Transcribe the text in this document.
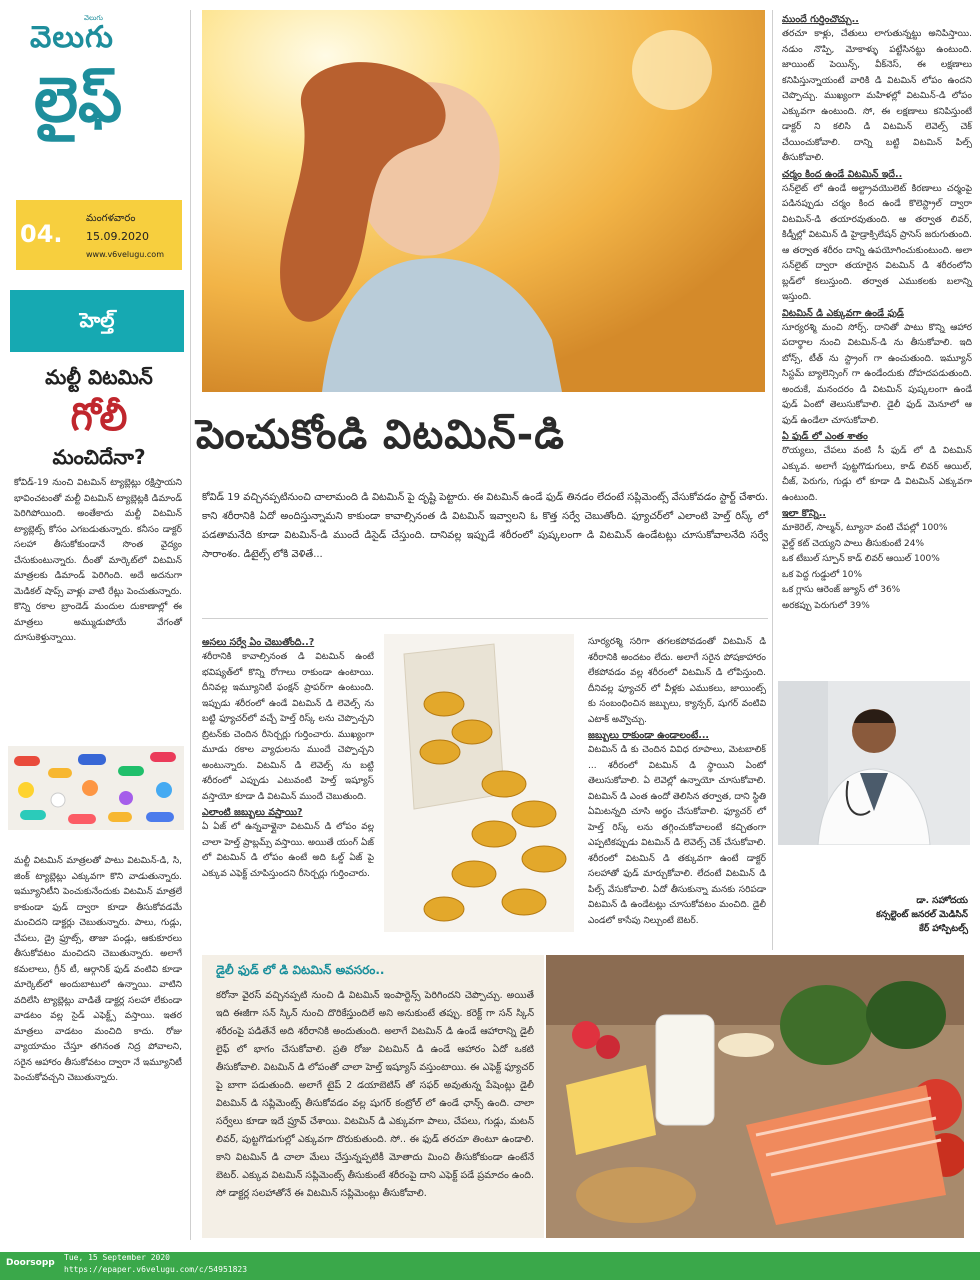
వెలుగు
వెలుగు
లైఫ్
04.
మంగళవారం
15.09.2020
www.v6velugu.com
హెల్త్
మల్టీ విటమిన్
గోలీ
మంచిదేనా?

కోవిడ్-19 నుంచి విటమిన్ ట్యాబ్లెట్లు రక్షిస్తాయని భావించటంతో మల్టీ విటమిన్ ట్యాబ్లెట్లకి డిమాండ్ పెరిగిపోయింది. అంతేకాదు మల్టీ విటమిన్ ట్యాబ్లెట్స్ కోసం ఎగబడుతున్నారు. కనీసం డాక్టర్ సలహా తీసుకోకుండానే సొంత వైద్యం చేసుకుంటున్నారు. దీంతో మార్కెట్‌లో విటమిన్ మాత్రలకు డిమాండ్ పెరిగింది. అదే అదనుగా మెడికల్ షాప్స్ వాళ్లు వాటి రేట్లు పెంచుతున్నారు. కొన్ని రకాల బ్రాండెడ్ మందుల దుకాణాల్లో ఈ మాత్రలు అమ్ముడుపోయే వేగంతో దూసుకెళ్తున్నాయి.

మల్టీ విటమిన్ మాత్రలతో పాటు విటమిన్-డి, సి, జింక్ ట్యాబ్లెట్లు ఎక్కువగా కొని వాడుతున్నారు. ఇమ్యూనిటీని పెంచుకునేందుకు విటమిన్ మాత్రలే కాకుండా ఫుడ్ ద్వారా కూడా తీసుకోవడమే మంచిదని డాక్టర్లు చెబుతున్నారు. పాలు, గుడ్లు, చేపలు, డ్రై ఫ్రూట్స్, తాజా పండ్లు, ఆకుకూరలు తీసుకోవటం మంచిదని చెబుతున్నారు. అలాగే కమలాలు, గ్రీన్ టీ, ఆర్గానిక్ ఫుడ్ వంటివి కూడా మార్కెట్‌లో అందుబాటులో ఉన్నాయి. వాటిని వదిలేసి ట్యాబ్లెట్లు వాడితే డాక్టర్ల సలహా లేకుండా వాడటం వల్ల సైడ్ ఎఫెక్ట్స్ వస్తాయి. ఇతర మాత్రలు వాడటం మంచిది కాదు. రోజు వ్యాయామం చేస్తూ తగినంత నిద్ర పోవాలని, సరైన ఆహారం తీసుకోవటం ద్వారా నే ఇమ్యూనిటీ పెంచుకోవచ్చని చెబుతున్నారు.

పెంచుకోండి విటమిన్-డి

కోవిడ్ 19 వచ్చినప్పటినుంచి చాలామంది డి విటమిన్ పై దృష్టి పెట్టారు. ఈ విటమిన్ ఉండే ఫుడ్ తినడం లేదంటే సప్లిమెంట్స్ వేసుకోవడం స్టార్ట్ చేశారు. కాని శరీరానికి ఏదో అందిస్తున్నామని కాకుండా కావాల్సినంత డి విటమిన్ ఇవ్వాలని ఓ కొత్త సర్వే చెబుతోంది. ఫ్యూచర్‌లో ఎలాంటి హెల్త్ రిస్క్ లో పడతామనేది కూడా విటమిన్-డి ముందే డిసైడ్ చేస్తుంది. దానివల్ల ఇప్పుడే శరీరంలో పుష్కలంగా డి విటమిన్ ఉండేటట్లు చూసుకోవాలనేది సర్వే సారాంశం. డిటైల్స్ లోకి వెళితే...

అసలు సర్వే ఏం చెబుతోంది..?

శరీరానికి కావాల్సినంత డి విటమిన్ ఉంటే భవిష్యత్‌లో కొన్ని రోగాలు రాకుండా ఉంటాయి. దీనివల్ల ఇమ్యూనిటీ ఫంక్షన్ ప్రాపర్‌గా ఉంటుంది. ఇప్పుడు శరీరంలో ఉండే విటమిన్ డి లెవెల్స్ ను బట్టి ఫ్యూచర్‌లో వచ్చే హెల్త్ రిస్క్ లను చెప్పొచ్చని బ్రిటన్‌కు చెందిన రీసెర్చర్లు గుర్తించారు. ముఖ్యంగా మూడు రకాల వ్యాధులను ముందే చెప్పొచ్చని అంటున్నారు. విటమిన్ డి లెవెల్స్ ను బట్టి శరీరంలో ఎప్పుడు ఎటువంటి హెల్త్ ఇష్యూస్ వస్తాయో కూడా డి విటమిన్ ముందే చెబుతుంది.

ఎలాంటి జబ్బులు వస్తాయి?

ఏ ఏజ్ లో ఉన్నవాళ్లైనా విటమిన్ డి లోపం వల్ల చాలా హెల్త్ ప్రాబ్లమ్స్ వస్తాయి. అయితే యంగ్ ఏజ్ లో విటమిన్ డి లోపం ఉంటే అది ఓల్డ్ ఏజ్ పై ఎక్కువ ఎఫెక్ట్ చూపిస్తుందని రీసెర్చర్లు గుర్తించారు.

సూర్యరశ్మి సరిగా తగలకపోవడంతో విటమిన్ డి శరీరానికి అందటం లేదు. అలాగే సరైన పోషకాహారం లేకపోవడం వల్ల శరీరంలో విటమిన్ డి లోపిస్తుంది. దీనివల్ల ఫ్యూచర్ లో వీళ్లకు ఎముకలు, జాయింట్స్ కు సంబంధించిన జబ్బులు, క్యాన్సర్, షుగర్ వంటివి ఎటాక్ అవ్వొచ్చు.

జబ్బులు రాకుండా ఉండాలంటే...

విటమిన్ డి కు చెందిన వివిధ రూపాలు, మెటబాలిక్ ... శరీరంలో విటమిన్ డి స్థాయిని ఏంటో తెలుసుకోవాలి. ఏ లెవెల్లో ఉన్నాయో చూసుకోవాలి. విటమిన్ డి ఎంత ఉందో తెలిసిన తర్వాత, దాని స్థితి ఏమిటన్నది చూసి అర్థం చేసుకోవాలి. ఫ్యూచర్ లో హెల్త్ రిస్క్ లను తగ్గించుకోవాలంటే కచ్చితంగా ఎప్పటికప్పుడు విటమిన్ డి లెవెల్స్ చెక్ చేసుకోవాలి. శరీరంలో విటమిన్ డి తక్కువగా ఉంటే డాక్టర్ సలహాతో ఫుడ్ మార్చుకోవాలి. లేదంటే విటమిన్ డి పిల్స్ వేసుకోవాలి. ఏదో తీసుకున్నా మనకు సరిపడా విటమిన్ డి ఉండేటట్లు చూసుకోవటం మంచిది. డైలీ ఎండలో కాసేపు నిల్చుంటే బెటర్.

ముందే గుర్తించొచ్చు..

తరచూ కాళ్లు, చేతులు లాగుతున్నట్టు అనిపిస్తాయి. నడుం నొప్పి, మోకాళ్ళు పట్టేసినట్టు ఉంటుంది. జాయింట్ పెయిన్స్, వీక్‌నెస్, ఈ లక్షణాలు కనిపిస్తున్నాయంటే వారికి డి విటమిన్ లోపం ఉందని చెప్పొచ్చు. ముఖ్యంగా మహిళల్లో విటమిన్-డి లోపం ఎక్కువగా ఉంటుంది. సో, ఈ లక్షణాలు కనిపిస్తుంటే డాక్టర్ ని కలిసి డి విటమిన్ లెవెల్స్ చెక్ చేయించుకోవాలి. దాన్ని బట్టి విటమిన్ పిల్స్ తీసుకోవాలి.

చర్మం కింద ఉండే విటమిన్ ఇదే..

సన్‌లైట్ లో ఉండే అల్ట్రావయొలెట్ కిరణాలు చర్మంపై పడినప్పుడు చర్మం కింద ఉండే కొలెస్ట్రాల్ ద్వారా విటమిన్-డి తయారవుతుంది. ఆ తర్వాత లివర్, కిడ్నీల్లో విటమిన్ డి హైడ్రాక్సిలేషన్ ప్రాసెస్ జరుగుతుంది. ఆ తర్వాత శరీరం దాన్ని ఉపయోగించుకుంటుంది. అలా సన్‌లైట్ ద్వారా తయారైన విటమిన్ డి శరీరంలోని బ్లడ్‌లో కలుస్తుంది. తర్వాత ఎముకలకు బలాన్ని ఇస్తుంది.

విటమిన్ డి ఎక్కువగా ఉండే ఫుడ్

సూర్యరశ్మి మంచి సోర్స్. దానితో పాటు కొన్ని ఆహార పదార్థాల నుంచి విటమిన్-డి ను తీసుకోవాలి. ఇది బోన్స్, టీత్ ను స్ట్రాంగ్ గా ఉంచుతుంది. ఇమ్యూన్ సిస్టమ్ బ్యాలెన్సింగ్ గా ఉండేందుకు దోహదపడుతుంది. అందుకే, మనందరం డి విటమిన్ పుష్కలంగా ఉండే ఫుడ్ ఏంటో తెలుసుకోవాలి. డైలీ ఫుడ్ మెనూలో ఆ ఫుడ్ ఉండేలా చూసుకోవాలి.

ఏ ఫుడ్ లో ఎంత శాతం

రొయ్యలు, చేపలు వంటి సీ ఫుడ్ లో డి విటమిన్ ఎక్కువ. అలాగే పుట్టగొడుగులు, కాడ్ లివర్ ఆయిల్, చీజ్, పెరుగు, గుడ్లు లో కూడా డి విటమిన్ ఎక్కువగా ఉంటుంది.

ఇలా కొన్ని..

మాకెరెల్, సాల్మన్, ట్యూనా వంటి చేపల్లో 100%

వైల్డ్ కట్ చెయ్యని పాలు తీసుకుంటే 24%

ఒక టేబుల్ స్పూన్ కాడ్ లివర్ ఆయిల్ 100%

ఒక పెద్ద గుడ్డులో 10%

ఒక గ్లాసు ఆరెంజ్ జ్యూస్ లో 36%

అరకప్పు పెరుగులో 39%

డా. సహోదయ
కన్సల్టెంట్ జనరల్ మెడిసిన్
కేర్ హాస్పిటల్స్
డైలీ ఫుడ్ లో డి విటమిన్ అవసరం..

కరోనా వైరస్ వచ్చినప్పటి నుంచి డి విటమిన్ ఇంపార్టెన్స్ పెరిగిందని చెప్పొచ్చు. అయితే ఇది ఈజీగా సన్ స్కిన్ నుంచి దొరికేస్తుందిలే అని అనుకుంటే తప్పు. కరెక్ట్ గా సన్ స్కిన్ శరీరంపై పడితేనే అది శరీరానికి అందుతుంది. అలాగే విటమిన్ డి ఉండే ఆహారాన్ని డైలీ లైఫ్ లో భాగం చేసుకోవాలి. ప్రతి రోజు విటమిన్ డి ఉండే ఆహారం ఏదో ఒకటి తీసుకోవాలి. విటమిన్ డి లోపంతో చాలా హెల్త్ ఇష్యూస్ వస్తుంటాయి. ఈ ఎఫెక్ట్ ఫ్యూచర్ పై బాగా పడుతుంది. అలాగే టైప్ 2 డయాబెటిస్ తో సఫర్ అవుతున్న పేషెంట్లు డైలీ విటమిన్ డి సప్లిమెంట్స్ తీసుకోవడం వల్ల షుగర్ కంట్రోల్ లో ఉండే ఛాన్స్ ఉంది. చాలా సర్వేలు కూడా ఇదే ప్రూవ్ చేశాయి. విటమిన్ డి ఎక్కువగా పాలు, చేపలు, గుడ్లు, మటన్ లివర్, పుట్టగొడుగుల్లో ఎక్కువగా దొరుకుతుంది. సో.. ఈ ఫుడ్ తరచూ తింటూ ఉండాలి. కాని విటమిన్ డి చాలా మేలు చేస్తున్నప్పటికీ మోతాదు మించి తీసుకోకుండా ఉంటేనే బెటర్. ఎక్కువ విటమిన్ సప్లిమెంట్స్ తీసుకుంటే శరీరంపై దాని ఎఫెక్ట్ పడే ప్రమాదం ఉంది. సో డాక్టర్ల సలహాతోనే ఈ విటమిన్ సప్లిమెంట్లు తీసుకోవాలి.

Doorsopp
Tue, 15 September 2020
https://epaper.v6velugu.com/c/54951823
